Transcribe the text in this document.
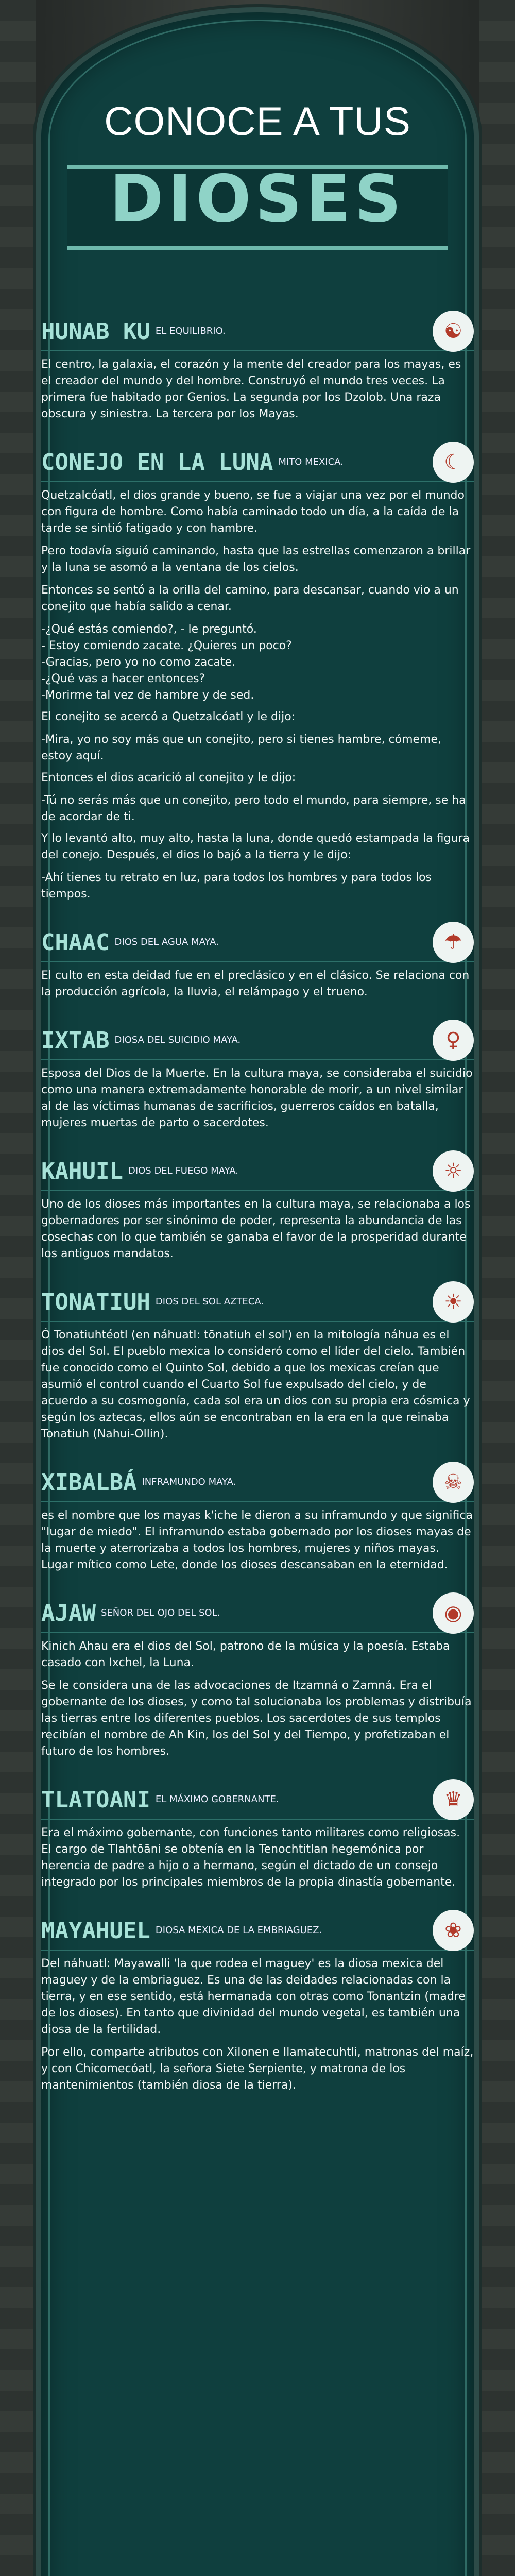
CONOCE A TUS
DIOSES
HUNAB KU EL EQUILIBRIO.	☯

El centro, la galaxia, el corazón y la mente del creador para los mayas, es el creador del mundo y del hombre. Construyó el mundo tres veces. La primera fue habitado por Genios. La segunda por los Dzolob. Una raza obscura y siniestra. La tercera por los Mayas.

CONEJO EN LA LUNA MITO MEXICA.	☾

Quetzalcóatl, el dios grande y bueno, se fue a viajar una vez por el mundo con figura de hombre. Como había caminado todo un día, a la caída de la tarde se sintió fatigado y con hambre.

Pero todavía siguió caminando, hasta que las estrellas comenzaron a brillar y la luna se asomó a la ventana de los cielos.

Entonces se sentó a la orilla del camino, para descansar, cuando vio a un conejito que había salido a cenar.

-¿Qué estás comiendo?, - le preguntó.

- Estoy comiendo zacate. ¿Quieres un poco?

-Gracias, pero yo no como zacate.

-¿Qué vas a hacer entonces?

-Morirme tal vez de hambre y de sed.

El conejito se acercó a Quetzalcóatl y le dijo:

-Mira, yo no soy más que un conejito, pero si tienes hambre, cómeme, estoy aquí.

Entonces el dios acarició al conejito y le dijo:

-Tú no serás más que un conejito, pero todo el mundo, para siempre, se ha de acordar de ti.

Y lo levantó alto, muy alto, hasta la luna, donde quedó estampada la figura del conejo. Después, el dios lo bajó a la tierra y le dijo:

-Ahí tienes tu retrato en luz, para todos los hombres y para todos los tiempos.

CHAAC DIOS DEL AGUA MAYA.	☂

El culto en esta deidad fue en el preclásico y en el clásico. Se relaciona con la producción agrícola, la lluvia, el relámpago y el trueno.

IXTAB DIOSA DEL SUICIDIO MAYA.	♀

Esposa del Dios de la Muerte. En la cultura maya, se consideraba el suicidio como una manera extremadamente honorable de morir, a un nivel similar al de las víctimas humanas de sacrificios, guerreros caídos en batalla, mujeres muertas de parto o sacerdotes.

KAHUIL DIOS DEL FUEGO MAYA.	☼

Uno de los dioses más importantes en la cultura maya, se relacionaba a los gobernadores por ser sinónimo de poder, representa la abundancia de las cosechas con lo que también se ganaba el favor de la prosperidad durante los antiguos mandatos.

TONATIUH DIOS DEL SOL AZTECA.	☀

Ó Tonatiuhtéotl (en náhuatl: tōnatiuh el sol') en la mitología náhua es el dios del Sol. El pueblo mexica lo consideró como el líder del cielo. También fue conocido como el Quinto Sol, debido a que los mexicas creían que asumió el control cuando el Cuarto Sol fue expulsado del cielo, y de acuerdo a su cosmogonía, cada sol era un dios con su propia era cósmica y según los aztecas, ellos aún se encontraban en la era en la que reinaba Tonatiuh (Nahui-Ollin).

XIBALBÁ INFRAMUNDO MAYA.	☠

es el nombre que los mayas k'iche le dieron a su inframundo y que significa "lugar de miedo". El inframundo estaba gobernado por los dioses mayas de la muerte y aterrorizaba a todos los hombres, mujeres y niños mayas. Lugar mítico como Lete, donde los dioses descansaban en la eternidad.

AJAW SEÑOR DEL OJO DEL SOL.	◉

Kinich Ahau era el dios del Sol, patrono de la música y la poesía. Estaba casado con Ixchel, la Luna.

Se le considera una de las advocaciones de Itzamná o Zamná. Era el gobernante de los dioses, y como tal solucionaba los problemas y distribuía las tierras entre los diferentes pueblos. Los sacerdotes de sus templos recibían el nombre de Ah Kin, los del Sol y del Tiempo, y profetizaban el futuro de los hombres.

TLATOANI EL MÁXIMO GOBERNANTE.	♛

Era el máximo gobernante, con funciones tanto militares como religiosas. El cargo de Tlahtōāni se obtenía en la Tenochtitlan hegemónica por herencia de padre a hijo o a hermano, según el dictado de un consejo integrado por los principales miembros de la propia dinastía gobernante.

MAYAHUEL DIOSA MEXICA DE LA EMBRIAGUEZ.	❀

Del náhuatl: Mayawalli 'la que rodea el maguey' es la diosa mexica del maguey y de la embriaguez. Es una de las deidades relacionadas con la tierra, y en ese sentido, está hermanada con otras como Tonantzin (madre de los dioses). En tanto que divinidad del mundo vegetal, es también una diosa de la fertilidad.

Por ello, comparte atributos con Xilonen e Ilamatecuhtli, matronas del maíz, y con Chicomecóatl, la señora Siete Serpiente, y matrona de los mantenimientos (también diosa de la tierra).
